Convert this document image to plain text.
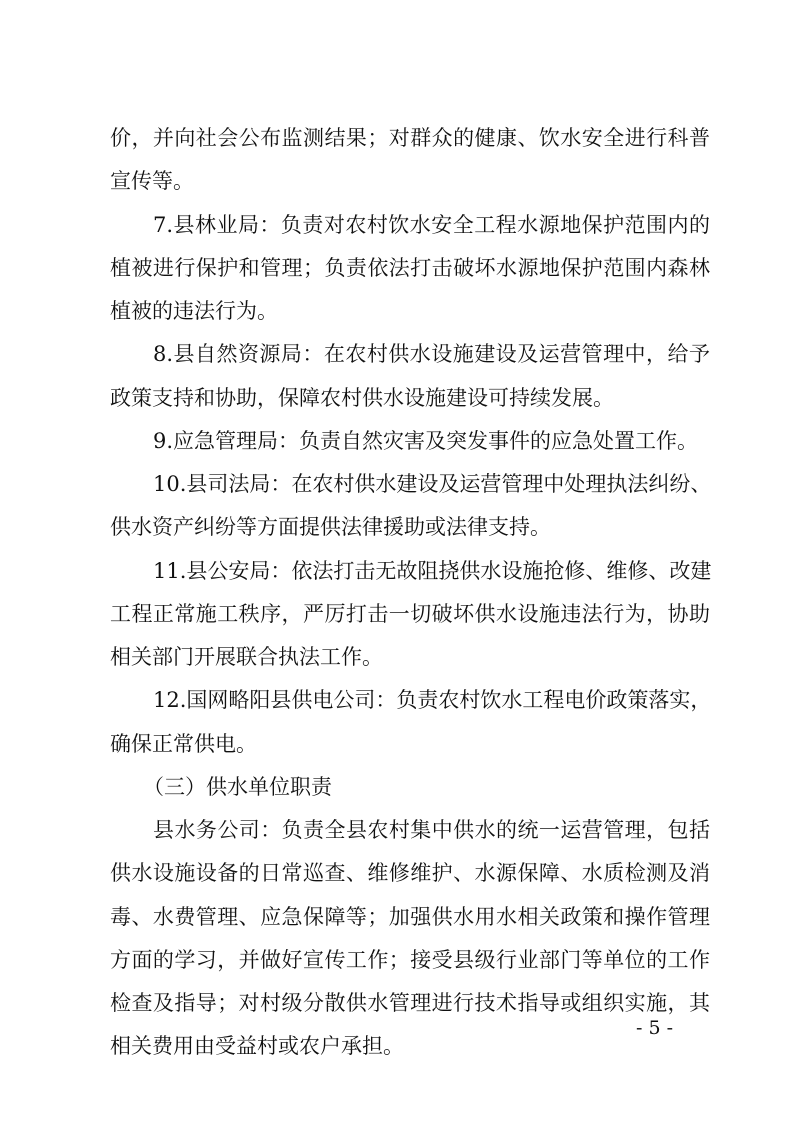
价，并向社会公布监测结果；对群众的健康、饮水安全进行科普
宣传等。
7.县林业局：负责对农村饮水安全工程水源地保护范围内的
植被进行保护和管理；负责依法打击破坏水源地保护范围内森林
植被的违法行为。
8.县自然资源局：在农村供水设施建设及运营管理中，给予
政策支持和协助，保障农村供水设施建设可持续发展。
9.应急管理局：负责自然灾害及突发事件的应急处置工作。
10.县司法局：在农村供水建设及运营管理中处理执法纠纷、
供水资产纠纷等方面提供法律援助或法律支持。
11.县公安局：依法打击无故阻挠供水设施抢修、维修、改建
工程正常施工秩序，严厉打击一切破坏供水设施违法行为，协助
相关部门开展联合执法工作。
12.国网略阳县供电公司：负责农村饮水工程电价政策落实，
确保正常供电。
（三）供水单位职责
县水务公司：负责全县农村集中供水的统一运营管理，包括
供水设施设备的日常巡查、维修维护、水源保障、水质检测及消
毒、水费管理、应急保障等；加强供水用水相关政策和操作管理
方面的学习，并做好宣传工作；接受县级行业部门等单位的工作
检查及指导；对村级分散供水管理进行技术指导或组织实施，其
相关费用由受益村或农户承担。
- 5 -
